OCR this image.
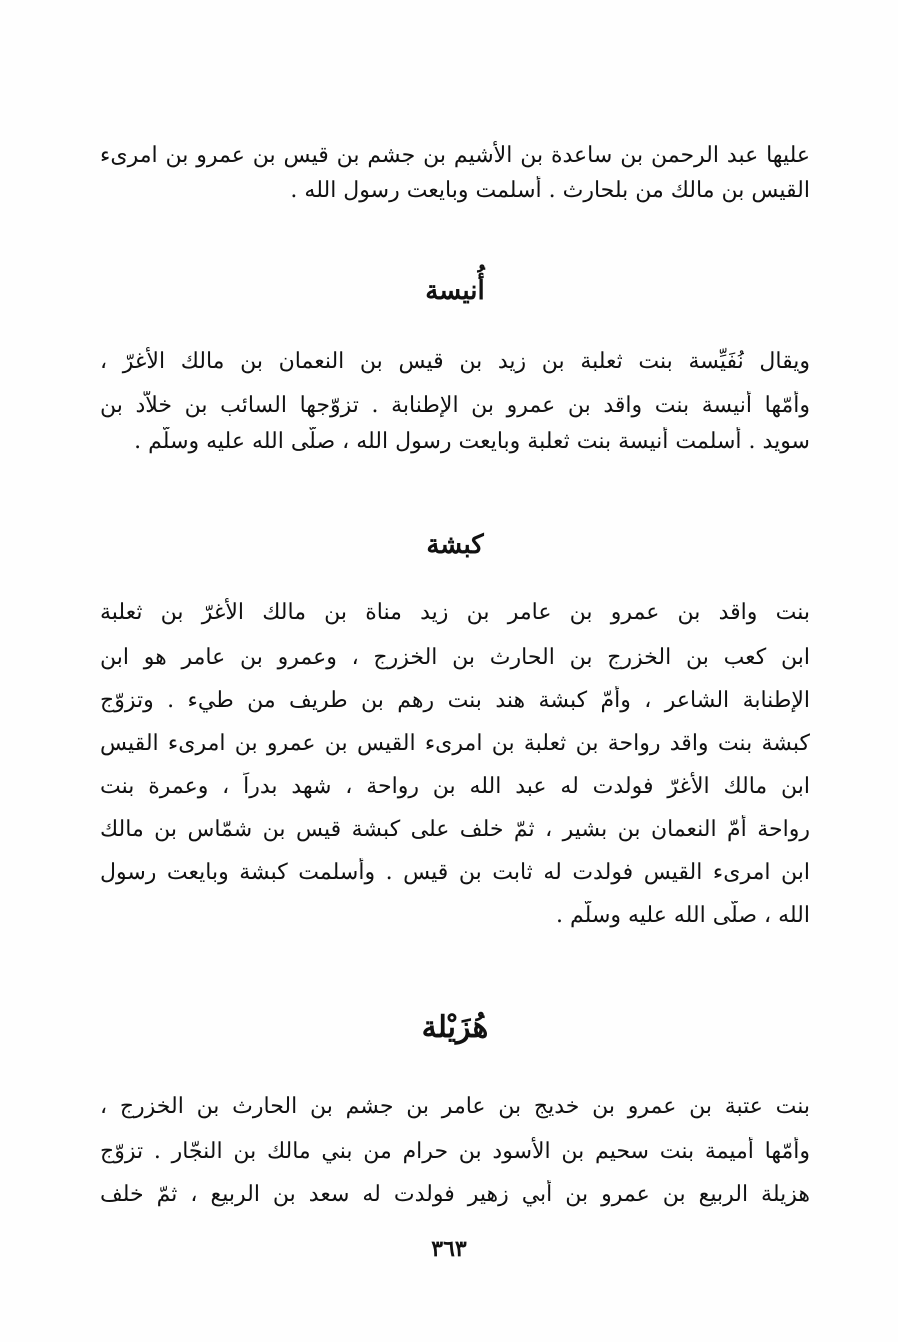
عليها عبد الرحمن بن ساعدة بن الأشيم بن جشم بن قيس بن عمرو بن امرىء
القيس بن مالك من بلحارث . أسلمت وبايعت رسول الله .
أُنيسة
ويقال نُفَيِّسة بنت ثعلبة بن زيد بن قيس بن النعمان بن مالك الأغرّ ،
وأمّها أنيسة بنت واقد بن عمرو بن الإطنابة . تزوّجها السائب بن خلاّد بن
سويد . أسلمت أنيسة بنت ثعلبة وبايعت رسول الله ، صلّى الله عليه وسلّم .
كبشة
بنت واقد بن عمرو بن عامر بن زيد مناة بن مالك الأغرّ بن ثعلبة
ابن كعب بن الخزرج بن الحارث بن الخزرج ، وعمرو بن عامر هو ابن
الإطنابة الشاعر ، وأمّ كبشة هند بنت رهم بن طريف من طيء . وتزوّج
كبشة بنت واقد رواحة بن ثعلبة بن امرىء القيس بن عمرو بن امرىء القيس
ابن مالك الأغرّ فولدت له عبد الله بن رواحة ، شهد بدراً ، وعمرة بنت
رواحة أمّ النعمان بن بشير ، ثمّ خلف على كبشة قيس بن شمّاس بن مالك
ابن امرىء القيس فولدت له ثابت بن قيس . وأسلمت كبشة وبايعت رسول
الله ، صلّى الله عليه وسلّم .
هُزَيْلة
بنت عتبة بن عمرو بن خديج بن عامر بن جشم بن الحارث بن الخزرج ،
وأمّها أميمة بنت سحيم بن الأسود بن حرام من بني مالك بن النجّار . تزوّج
هزيلة الربيع بن عمرو بن أبي زهير فولدت له سعد بن الربيع ، ثمّ خلف
٣٦٣
